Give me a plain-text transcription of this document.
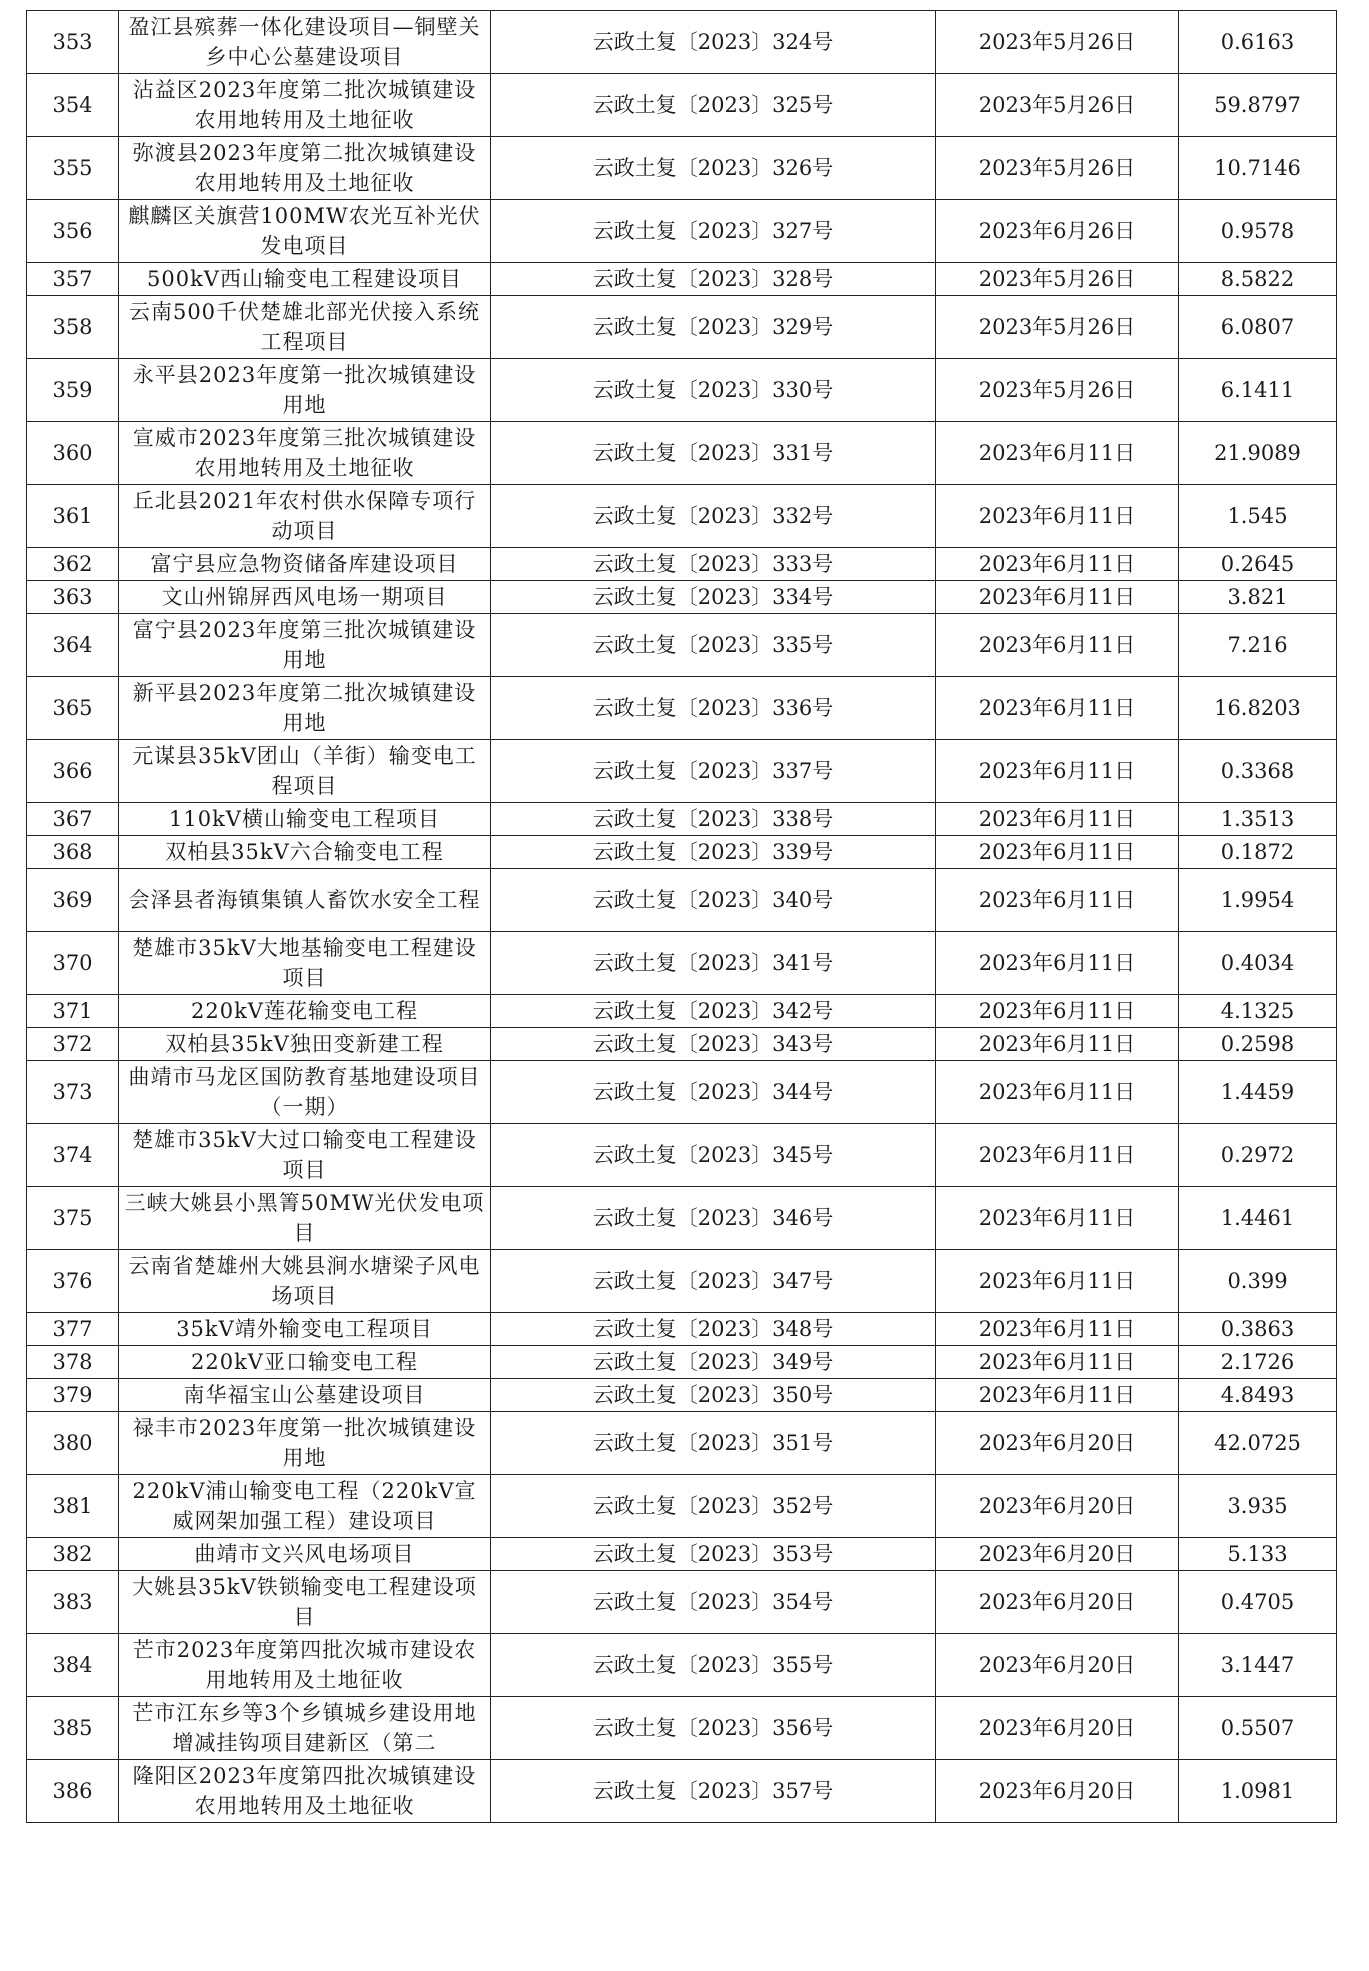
353	盈江县殡葬一体化建设项目—铜壁关乡中心公墓建设项目	云政土复〔2023〕324号	2023年5月26日	0.6163
354	沾益区2023年度第二批次城镇建设农用地转用及土地征收	云政土复〔2023〕325号	2023年5月26日	59.8797
355	弥渡县2023年度第二批次城镇建设农用地转用及土地征收	云政土复〔2023〕326号	2023年5月26日	10.7146
356	麒麟区关旗营100MW农光互补光伏发电项目	云政土复〔2023〕327号	2023年6月26日	0.9578
357	500kV西山输变电工程建设项目	云政土复〔2023〕328号	2023年5月26日	8.5822
358	云南500千伏楚雄北部光伏接入系统工程项目	云政土复〔2023〕329号	2023年5月26日	6.0807
359	永平县2023年度第一批次城镇建设用地	云政土复〔2023〕330号	2023年5月26日	6.1411
360	宣威市2023年度第三批次城镇建设农用地转用及土地征收	云政土复〔2023〕331号	2023年6月11日	21.9089
361	丘北县2021年农村供水保障专项行动项目	云政土复〔2023〕332号	2023年6月11日	1.545
362	富宁县应急物资储备库建设项目	云政土复〔2023〕333号	2023年6月11日	0.2645
363	文山州锦屏西风电场一期项目	云政土复〔2023〕334号	2023年6月11日	3.821
364	富宁县2023年度第三批次城镇建设用地	云政土复〔2023〕335号	2023年6月11日	7.216
365	新平县2023年度第二批次城镇建设用地	云政土复〔2023〕336号	2023年6月11日	16.8203
366	元谋县35kV团山（羊街）输变电工程项目	云政土复〔2023〕337号	2023年6月11日	0.3368
367	110kV横山输变电工程项目	云政土复〔2023〕338号	2023年6月11日	1.3513
368	双柏县35kV六合输变电工程	云政土复〔2023〕339号	2023年6月11日	0.1872
369	会泽县者海镇集镇人畜饮水安全工程	云政土复〔2023〕340号	2023年6月11日	1.9954
370	楚雄市35kV大地基输变电工程建设项目	云政土复〔2023〕341号	2023年6月11日	0.4034
371	220kV莲花输变电工程	云政土复〔2023〕342号	2023年6月11日	4.1325
372	双柏县35kV独田变新建工程	云政土复〔2023〕343号	2023年6月11日	0.2598
373	曲靖市马龙区国防教育基地建设项目（一期）	云政土复〔2023〕344号	2023年6月11日	1.4459
374	楚雄市35kV大过口输变电工程建设项目	云政土复〔2023〕345号	2023年6月11日	0.2972
375	三峡大姚县小黑箐50MW光伏发电项目	云政土复〔2023〕346号	2023年6月11日	1.4461
376	云南省楚雄州大姚县涧水塘梁子风电场项目	云政土复〔2023〕347号	2023年6月11日	0.399
377	35kV靖外输变电工程项目	云政土复〔2023〕348号	2023年6月11日	0.3863
378	220kV亚口输变电工程	云政土复〔2023〕349号	2023年6月11日	2.1726
379	南华福宝山公墓建设项目	云政土复〔2023〕350号	2023年6月11日	4.8493
380	禄丰市2023年度第一批次城镇建设用地	云政土复〔2023〕351号	2023年6月20日	42.0725
381	220kV浦山输变电工程（220kV宣威网架加强工程）建设项目	云政土复〔2023〕352号	2023年6月20日	3.935
382	曲靖市文兴风电场项目	云政土复〔2023〕353号	2023年6月20日	5.133
383	大姚县35kV铁锁输变电工程建设项目	云政土复〔2023〕354号	2023年6月20日	0.4705
384	芒市2023年度第四批次城市建设农用地转用及土地征收	云政土复〔2023〕355号	2023年6月20日	3.1447
385	芒市江东乡等3个乡镇城乡建设用地增减挂钩项目建新区（第二	云政土复〔2023〕356号	2023年6月20日	0.5507
386	隆阳区2023年度第四批次城镇建设农用地转用及土地征收	云政土复〔2023〕357号	2023年6月20日	1.0981
